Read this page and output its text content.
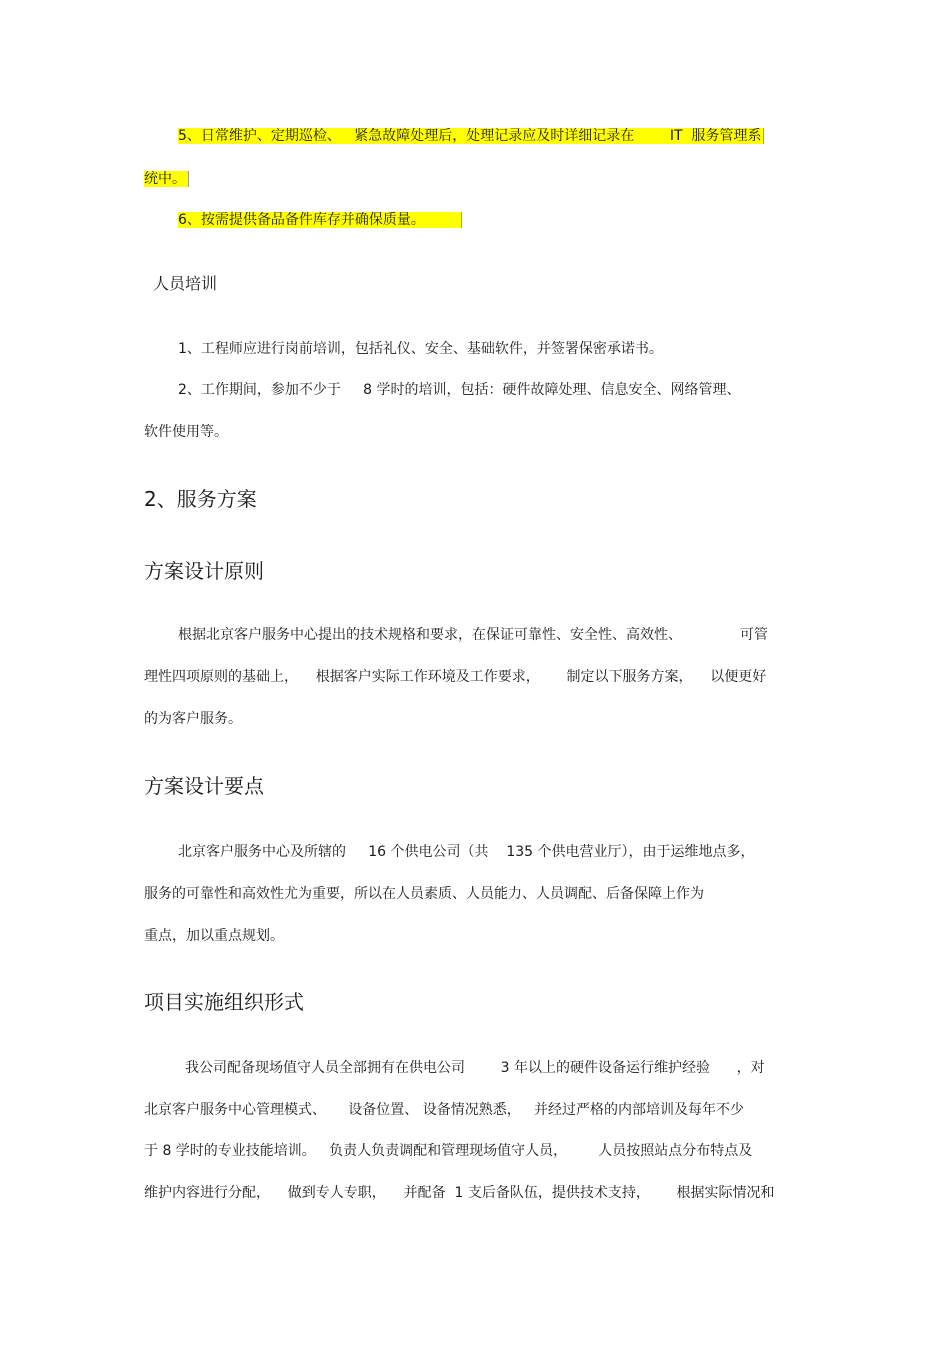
5、日常维护、定期巡检、   紧急故障处理后，处理记录应及时详细记录在        IT  服务管理系

统中。

6、按需提供备品备件库存并确保质量。

人员培训

1、工程师应进行岗前培训，包括礼仪、安全、基础软件，并签署保密承诺书。

2、工作期间，参加不少于     8 学时的培训，包括：硬件故障处理、信息安全、网络管理、

软件使用等。

2、服务方案
方案设计原则

根据北京客户服务中心提出的技术规格和要求，在保证可靠性、安全性、高效性、             可管

理性四项原则的基础上，    根据客户实际工作环境及工作要求，      制定以下服务方案，    以便更好

的为客户服务。

方案设计要点

北京客户服务中心及所辖的     16 个供电公司（共    135 个供电营业厅），由于运维地点多，

服务的可靠性和高效性尤为重要，所以在人员素质、人员能力、人员调配、后备保障上作为

重点，加以重点规划。

项目实施组织形式

我公司配备现场值守人员全部拥有在供电公司        3 年以上的硬件设备运行维护经验      ，对

北京客户服务中心管理模式、     设备位置、 设备情况熟悉，   并经过严格的内部培训及每年不少

于 8 学时的专业技能培训。   负责人负责调配和管理现场值守人员，       人员按照站点分布特点及

维护内容进行分配，    做到专人专职，    并配备  1 支后备队伍，提供技术支持，      根据实际情况和
